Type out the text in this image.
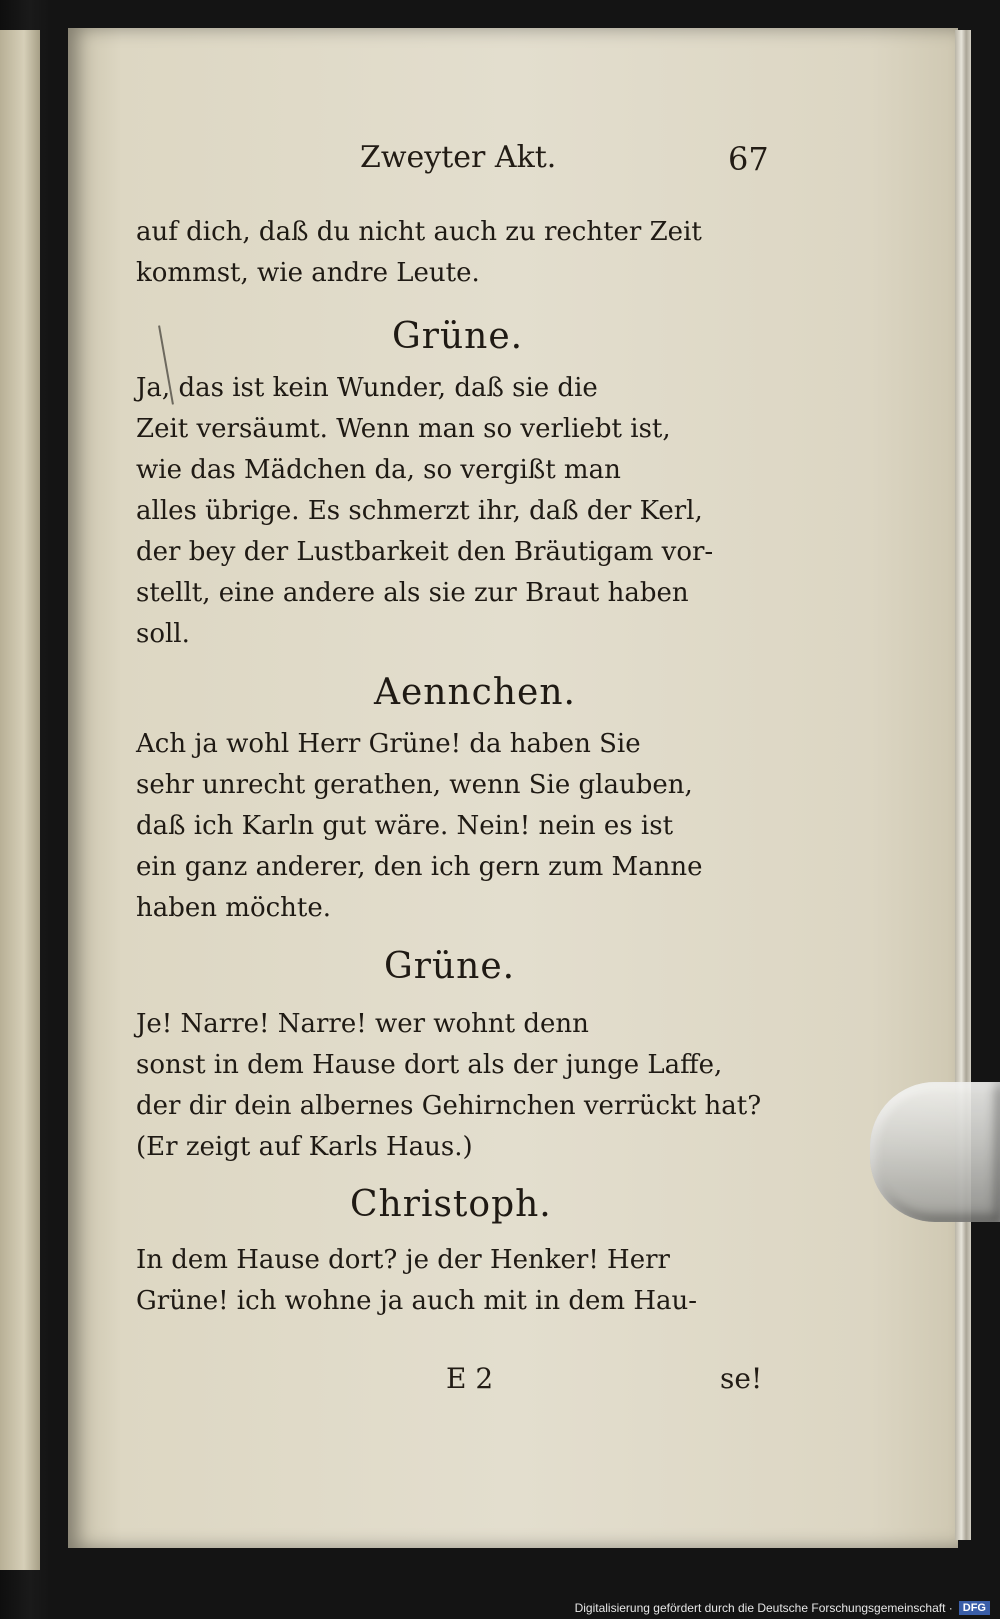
Zweyter Akt.	67
auf dich, daß du nicht auch zu rechter Zeit
kommst, wie andre Leute.
Grüne.
Ja, das ist kein Wunder, daß sie die
Zeit versäumt. Wenn man so verliebt ist,
wie das Mädchen da, so vergißt man
alles übrige. Es schmerzt ihr, daß der Kerl,
der bey der Lustbarkeit den Bräutigam vor-
stellt, eine andere als sie zur Braut haben
soll.
Aennchen.
Ach ja wohl Herr Grüne! da haben Sie
sehr unrecht gerathen, wenn Sie glauben,
daß ich Karln gut wäre. Nein! nein es ist
ein ganz anderer, den ich gern zum Manne
haben möchte.
Grüne.
Je! Narre! Narre! wer wohnt denn
sonst in dem Hause dort als der junge Laffe,
der dir dein albernes Gehirnchen verrückt hat?
(Er zeigt auf Karls Haus.)
Christoph.
In dem Hause dort? je der Henker! Herr
Grüne! ich wohne ja auch mit in dem Hau-
E 2	se!
Digitalisierung gefördert durch die Deutsche Forschungsgemeinschaft · DFG
